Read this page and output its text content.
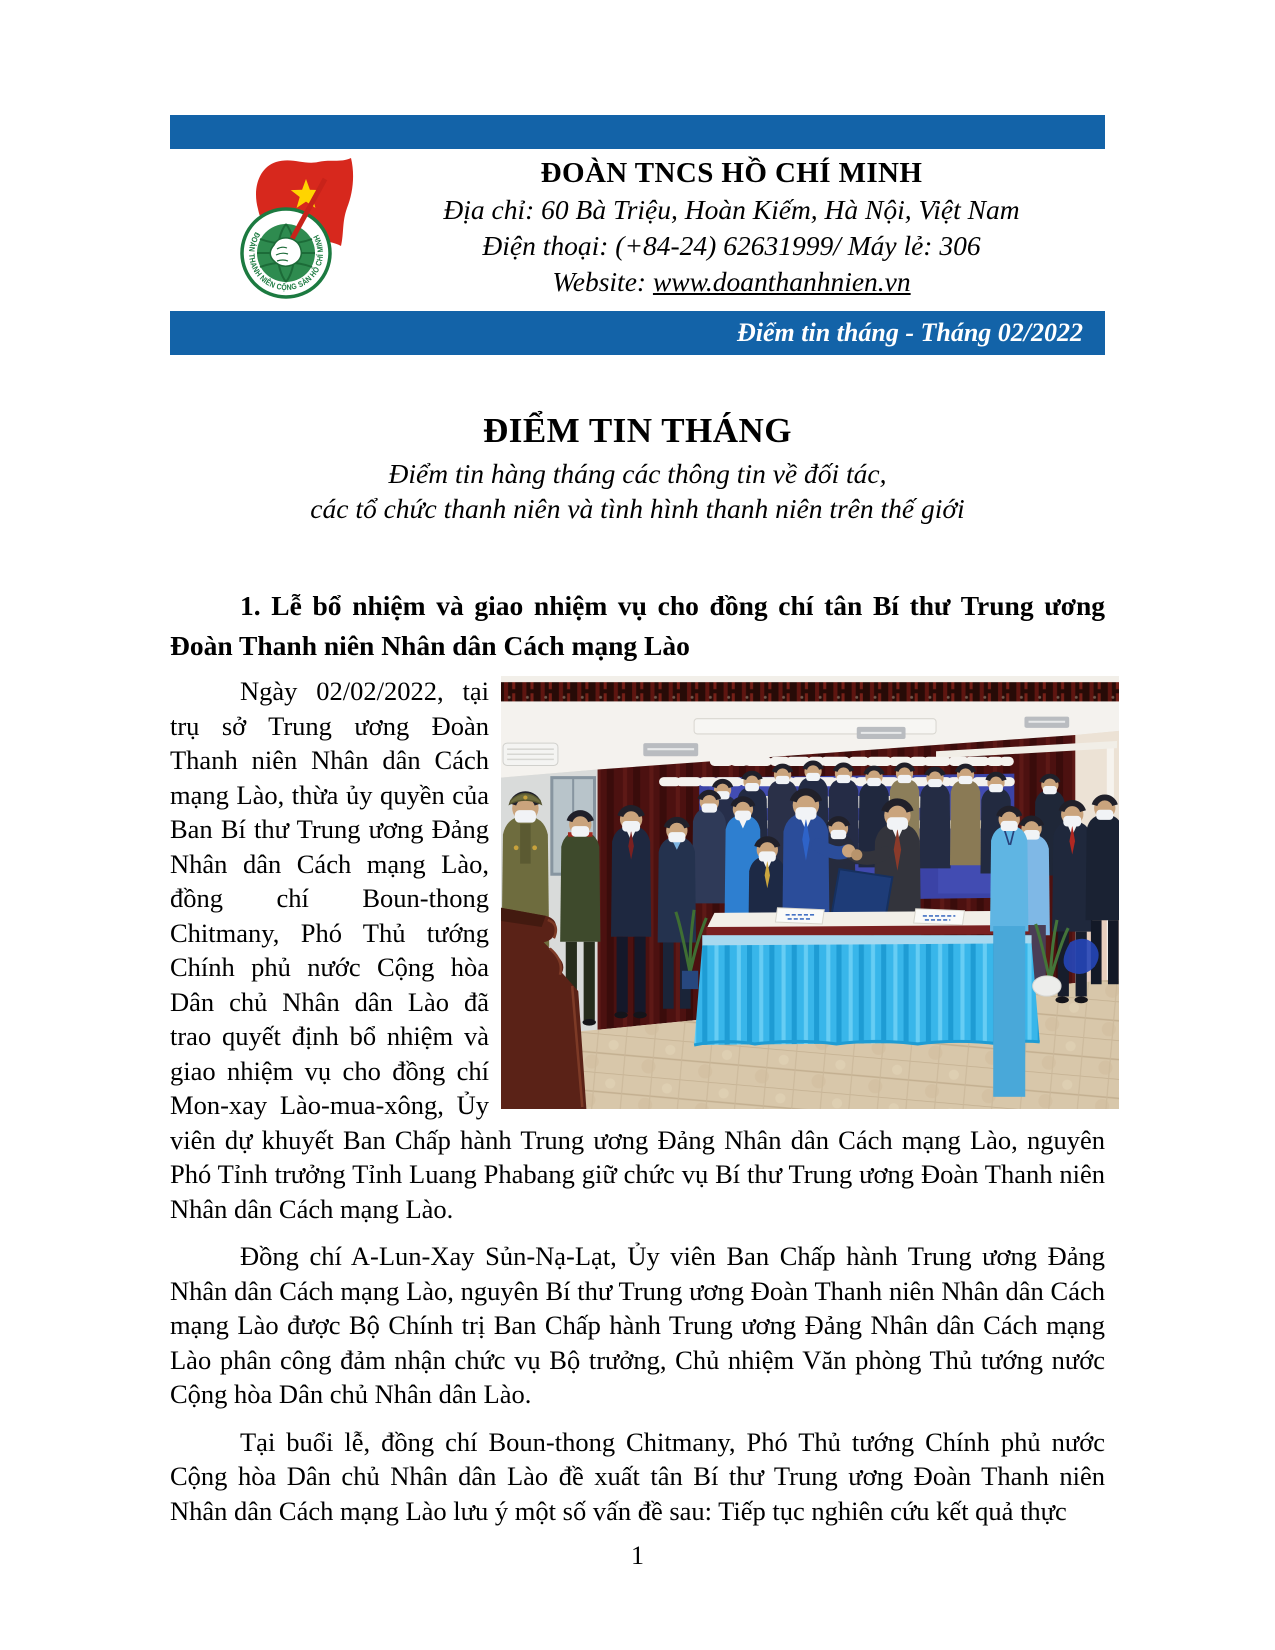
ĐOÀN THANH NIÊN CỘNG SẢN HỒ CHÍ MINH
ĐOÀN TNCS HỒ CHÍ MINH
Địa chỉ: 60 Bà Triệu, Hoàn Kiếm, Hà Nội, Việt Nam
Điện thoại: (+84-24) 62631999/ Máy lẻ: 306
Website: www.doanthanhnien.vn
Điểm tin tháng - Tháng 02/2022
ĐIỂM TIN THÁNG
Điểm tin hàng tháng các thông tin về đối tác,
các tổ chức thanh niên và tình hình thanh niên trên thế giới
1. Lễ bổ nhiệm và giao nhiệm vụ cho đồng chí tân Bí thư Trung ương Đoàn Thanh niên Nhân dân Cách mạng Lào

Ngày 02/02/2022, tại trụ sở Trung ương Đoàn Thanh niên Nhân dân Cách mạng Lào, thừa ủy quyền của Ban Bí thư Trung ương Đảng Nhân dân Cách mạng Lào, đồng chí Boun-thong Chitmany, Phó Thủ tướng Chính phủ nước Cộng hòa Dân chủ Nhân dân Lào đã trao quyết định bổ nhiệm và giao nhiệm vụ cho đồng chí Mon-xay Lào-mua-xông, Ủy viên dự khuyết Ban Chấp hành Trung ương Đảng Nhân dân Cách mạng Lào, nguyên Phó Tỉnh trưởng Tỉnh Luang Phabang giữ chức vụ Bí thư Trung ương Đoàn Thanh niên Nhân dân Cách mạng Lào.

Đồng chí A-Lun-Xay Sủn-Nạ-Lạt, Ủy viên Ban Chấp hành Trung ương Đảng Nhân dân Cách mạng Lào, nguyên Bí thư Trung ương Đoàn Thanh niên Nhân dân Cách mạng Lào được Bộ Chính trị Ban Chấp hành Trung ương Đảng Nhân dân Cách mạng Lào phân công đảm nhận chức vụ Bộ trưởng, Chủ nhiệm Văn phòng Thủ tướng nước Cộng hòa Dân chủ Nhân dân Lào.

Tại buổi lễ, đồng chí Boun-thong Chitmany, Phó Thủ tướng Chính phủ nước Cộng hòa Dân chủ Nhân dân Lào đề xuất tân Bí thư Trung ương Đoàn Thanh niên Nhân dân Cách mạng Lào lưu ý một số vấn đề sau: Tiếp tục nghiên cứu kết quả thực

1
